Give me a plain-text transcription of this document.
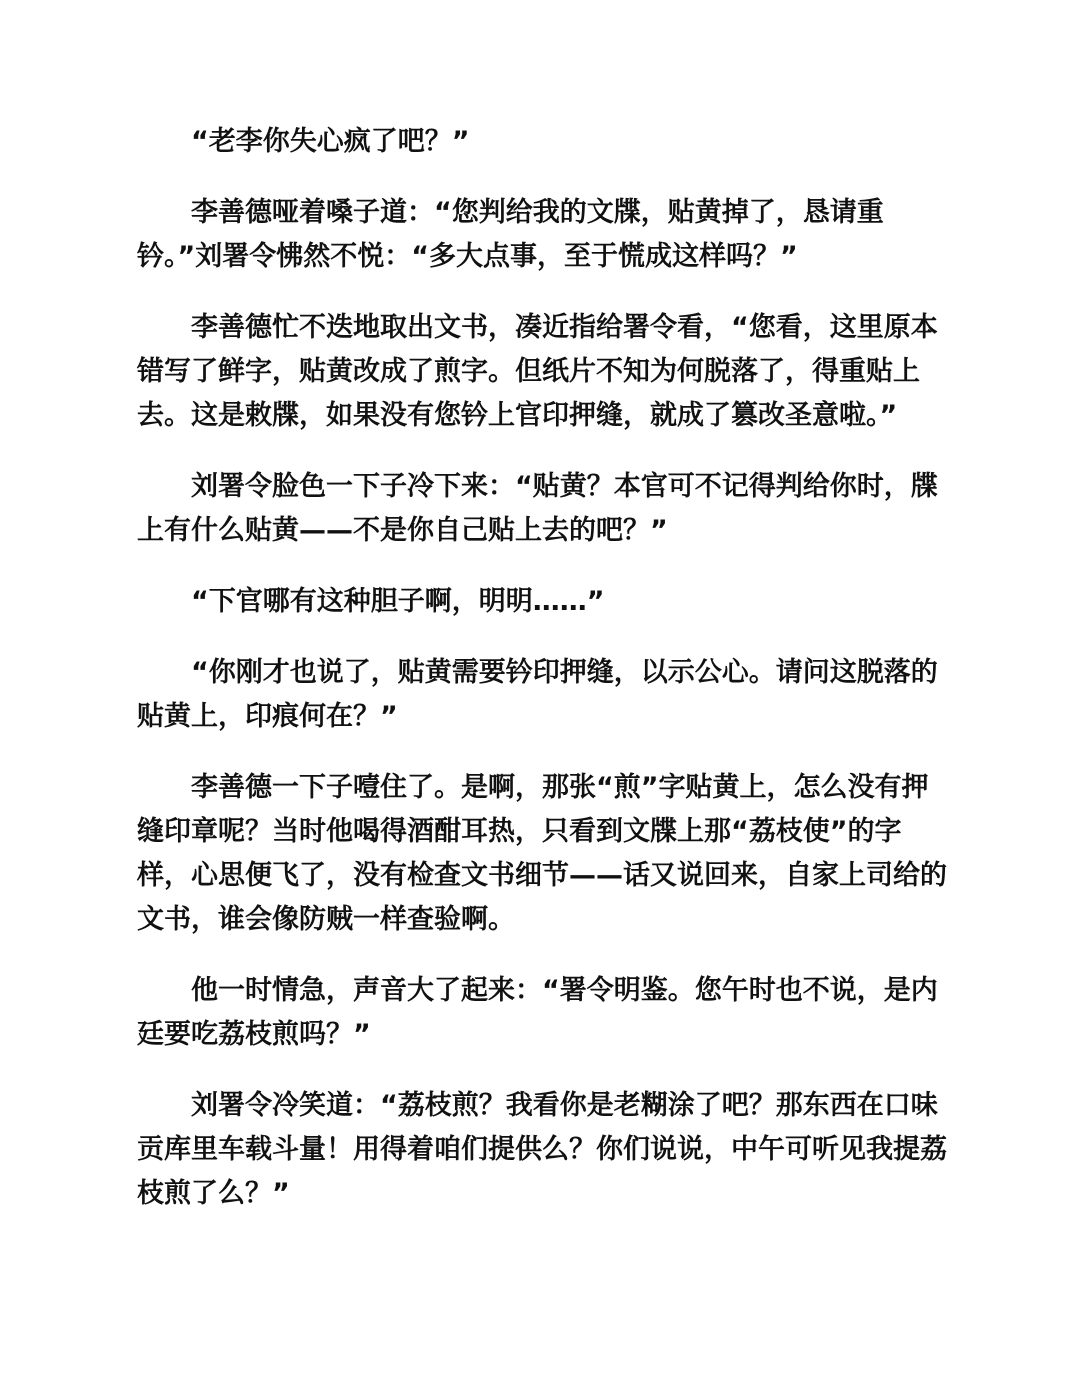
“老李你失心疯了吧？”

李善德哑着嗓子道：“您判给我的文牒，贴黄掉了，恳请重钤。”刘署令怫然不悦：“多大点事，至于慌成这样吗？”

李善德忙不迭地取出文书，凑近指给署令看，“您看，这里原本错写了鲜字，贴黄改成了煎字。但纸片不知为何脱落了，得重贴上去。这是敕牒，如果没有您钤上官印押缝，就成了篡改圣意啦。”

刘署令脸色一下子冷下来：“贴黄？本官可不记得判给你时，牒上有什么贴黄——不是你自己贴上去的吧？”

“下官哪有这种胆子啊，明明……”

“你刚才也说了，贴黄需要钤印押缝，以示公心。请问这脱落的贴黄上，印痕何在？”

李善德一下子噎住了。是啊，那张“煎”字贴黄上，怎么没有押缝印章呢？当时他喝得酒酣耳热，只看到文牒上那“荔枝使”的字样，心思便飞了，没有检查文书细节——话又说回来，自家上司给的文书，谁会像防贼一样查验啊。

他一时情急，声音大了起来：“署令明鉴。您午时也不说，是内廷要吃荔枝煎吗？”

刘署令冷笑道：“荔枝煎？我看你是老糊涂了吧？那东西在口味贡库里车载斗量！用得着咱们提供么？你们说说，中午可听见我提荔枝煎了么？”
